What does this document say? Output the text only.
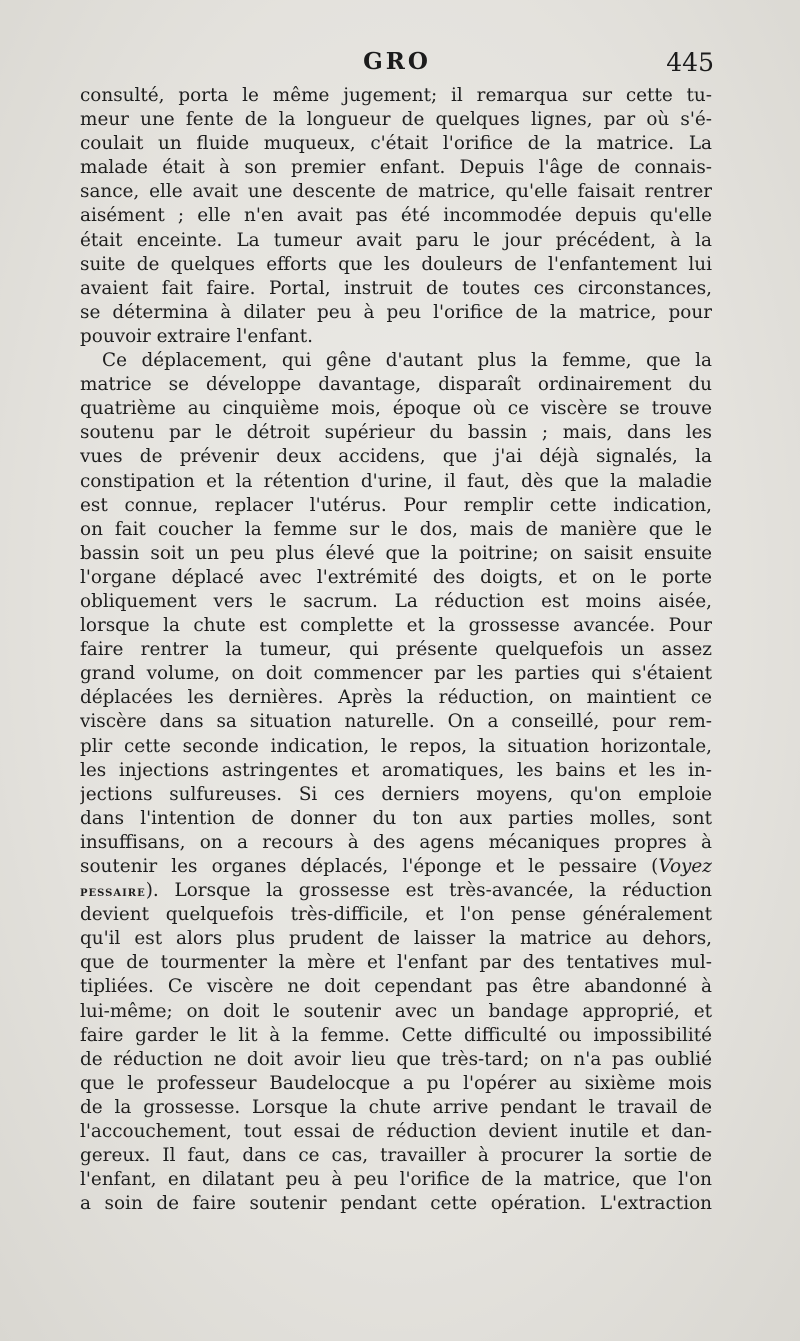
GRO	445
consulté, porta le même jugement; il remarqua sur cette tu-
meur une fente de la longueur de quelques lignes, par où s'é-
coulait un fluide muqueux, c'était l'orifice de la matrice. La
malade était à son premier enfant. Depuis l'âge de connais-
sance, elle avait une descente de matrice, qu'elle faisait rentrer
aisément ; elle n'en avait pas été incommodée depuis qu'elle
était enceinte. La tumeur avait paru le jour précédent, à la
suite de quelques efforts que les douleurs de l'enfantement lui
avaient fait faire. Portal, instruit de toutes ces circonstances,
se détermina à dilater peu à peu l'orifice de la matrice, pour
pouvoir extraire l'enfant.
Ce déplacement, qui gêne d'autant plus la femme, que la
matrice se développe davantage, disparaît ordinairement du
quatrième au cinquième mois, époque où ce viscère se trouve
soutenu par le détroit supérieur du bassin ; mais, dans les
vues de prévenir deux accidens, que j'ai déjà signalés, la
constipation et la rétention d'urine, il faut, dès que la maladie
est connue, replacer l'utérus. Pour remplir cette indication,
on fait coucher la femme sur le dos, mais de manière que le
bassin soit un peu plus élevé que la poitrine; on saisit ensuite
l'organe déplacé avec l'extrémité des doigts, et on le porte
obliquement vers le sacrum. La réduction est moins aisée,
lorsque la chute est complette et la grossesse avancée. Pour
faire rentrer la tumeur, qui présente quelquefois un assez
grand volume, on doit commencer par les parties qui s'étaient
déplacées les dernières. Après la réduction, on maintient ce
viscère dans sa situation naturelle. On a conseillé, pour rem-
plir cette seconde indication, le repos, la situation horizontale,
les injections astringentes et aromatiques, les bains et les in-
jections sulfureuses. Si ces derniers moyens, qu'on emploie
dans l'intention de donner du ton aux parties molles, sont
insuffisans, on a recours à des agens mécaniques propres à
soutenir les organes déplacés, l'éponge et le pessaire (Voyez
pessaire). Lorsque la grossesse est très-avancée, la réduction
devient quelquefois très-difficile, et l'on pense généralement
qu'il est alors plus prudent de laisser la matrice au dehors,
que de tourmenter la mère et l'enfant par des tentatives mul-
tipliées. Ce viscère ne doit cependant pas être abandonné à
lui-même; on doit le soutenir avec un bandage approprié, et
faire garder le lit à la femme. Cette difficulté ou impossibilité
de réduction ne doit avoir lieu que très-tard; on n'a pas oublié
que le professeur Baudelocque a pu l'opérer au sixième mois
de la grossesse. Lorsque la chute arrive pendant le travail de
l'accouchement, tout essai de réduction devient inutile et dan-
gereux. Il faut, dans ce cas, travailler à procurer la sortie de
l'enfant, en dilatant peu à peu l'orifice de la matrice, que l'on
a soin de faire soutenir pendant cette opération. L'extraction
